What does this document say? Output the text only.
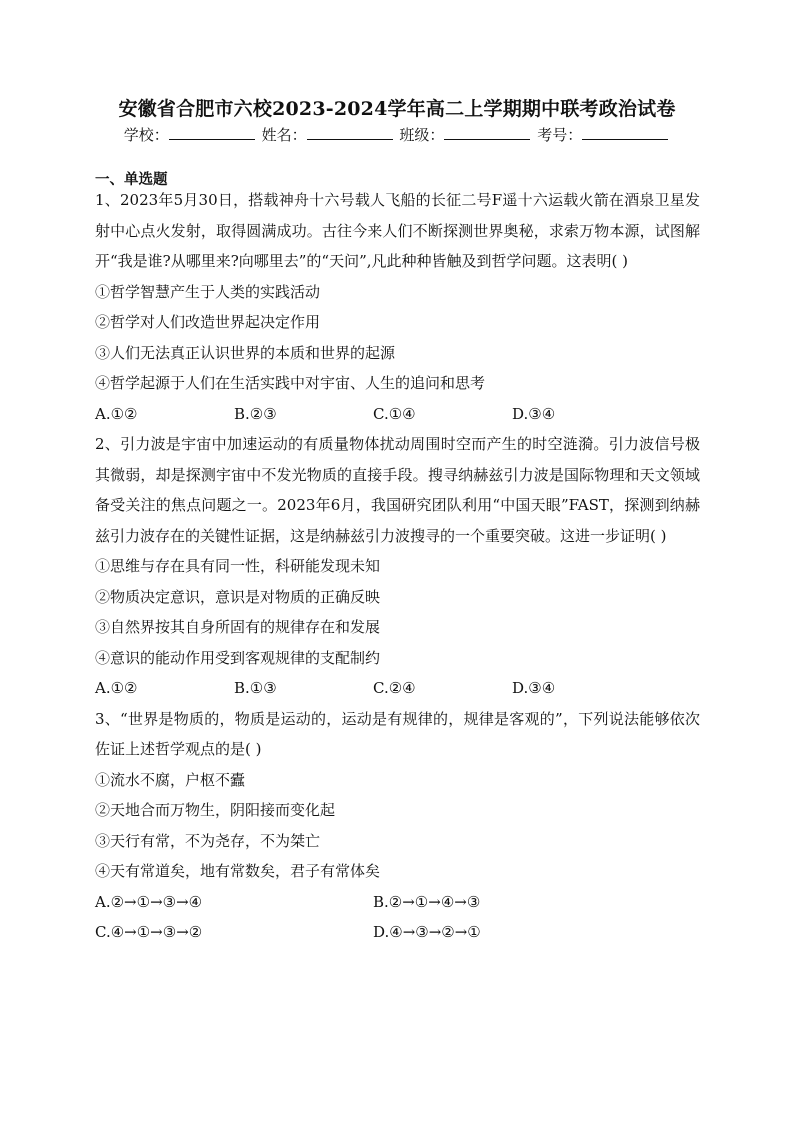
安徽省合肥市六校2023-2024学年高二上学期期中联考政治试卷
学校：	姓名：	班级：	考号：
一、单选题
1、2023年5月30日，搭载神舟十六号载人飞船的长征二号F遥十六运载火箭在酒泉卫星发射中心点火发射，取得圆满成功。古往今来人们不断探测世界奥秘，求索万物本源，试图解开“我是谁?从哪里来?向哪里去”的“天问”,凡此种种皆触及到哲学问题。这表明( )
①哲学智慧产生于人类的实践活动
②哲学对人们改造世界起决定作用
③人们无法真正认识世界的本质和世界的起源
④哲学起源于人们在生活实践中对宇宙、人生的追问和思考
A.①②	B.②③	C.①④	D.③④
2、引力波是宇宙中加速运动的有质量物体扰动周围时空而产生的时空涟漪。引力波信号极其微弱，却是探测宇宙中不发光物质的直接手段。搜寻纳赫兹引力波是国际物理和天文领域备受关注的焦点问题之一。2023年6月，我国研究团队利用“中国天眼”FAST，探测到纳赫兹引力波存在的关键性证据，这是纳赫兹引力波搜寻的一个重要突破。这进一步证明( )
①思维与存在具有同一性，科研能发现未知
②物质决定意识，意识是对物质的正确反映
③自然界按其自身所固有的规律存在和发展
④意识的能动作用受到客观规律的支配制约
A.①②	B.①③	C.②④	D.③④
3、“世界是物质的，物质是运动的，运动是有规律的，规律是客观的”，下列说法能够依次佐证上述哲学观点的是( )
①流水不腐，户枢不蠹
②天地合而万物生，阴阳接而变化起
③天行有常，不为尧存，不为桀亡
④天有常道矣，地有常数矣，君子有常体矣
A.②→①→③→④	B.②→①→④→③
C.④→①→③→②	D.④→③→②→①
